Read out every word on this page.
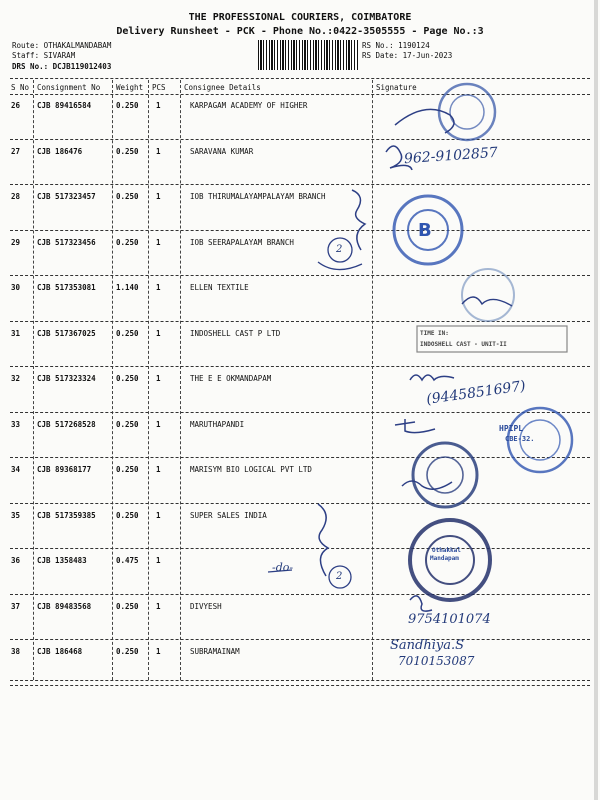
THE PROFESSIONAL COURIERS, COIMBATORE
Delivery Runsheet - PCK - Phone No.:0422-3505555 - Page No.:3
Route: OTHAKALMANDABAM
Staff: SIVARAM
DRS No.: DCJB119012403
RS No.: 1190124
RS Date: 17-Jun-2023
S No Consignment No Weight PCS Consignee Details	Signature
26 CJB 89416584	0.250 1	KARPAGAM ACADEMY OF HIGHER
27 CJB 186476	0.250 1	SARAVANA KUMAR
28 CJB 517323457	0.250 1	IOB THIRUMALAYAMPALAYAM BRANCH
29 CJB 517323456	0.250 1	IOB SEERAPALAYAM BRANCH
30 CJB 517353081	1.140 1	ELLEN TEXTILE
31 CJB 517367025	0.250 1	INDOSHELL CAST P LTD
32 CJB 517323324	0.250 1	THE E E OKMANDAPAM
33 CJB 517268528	0.250 1	MARUTHAPANDI
34 CJB 89368177	0.250 1	MARISYM BIO LOGICAL PVT LTD
35 CJB 517359385	0.250 1	SUPER SALES INDIA
36 CJB 1358483	0.475 1
37 CJB 89483568	0.250 1	DIVYESH
38 CJB 186468	0.250 1	SUBRAMAINAM
B
962-9102857
2
(9445851697)
-do-
2
9754101074
Sandhiya.S
7010153087
HPIPL
CBE-32.
Othakkal
Mandapam
TIME IN:
INDOSHELL CAST - UNIT-II
